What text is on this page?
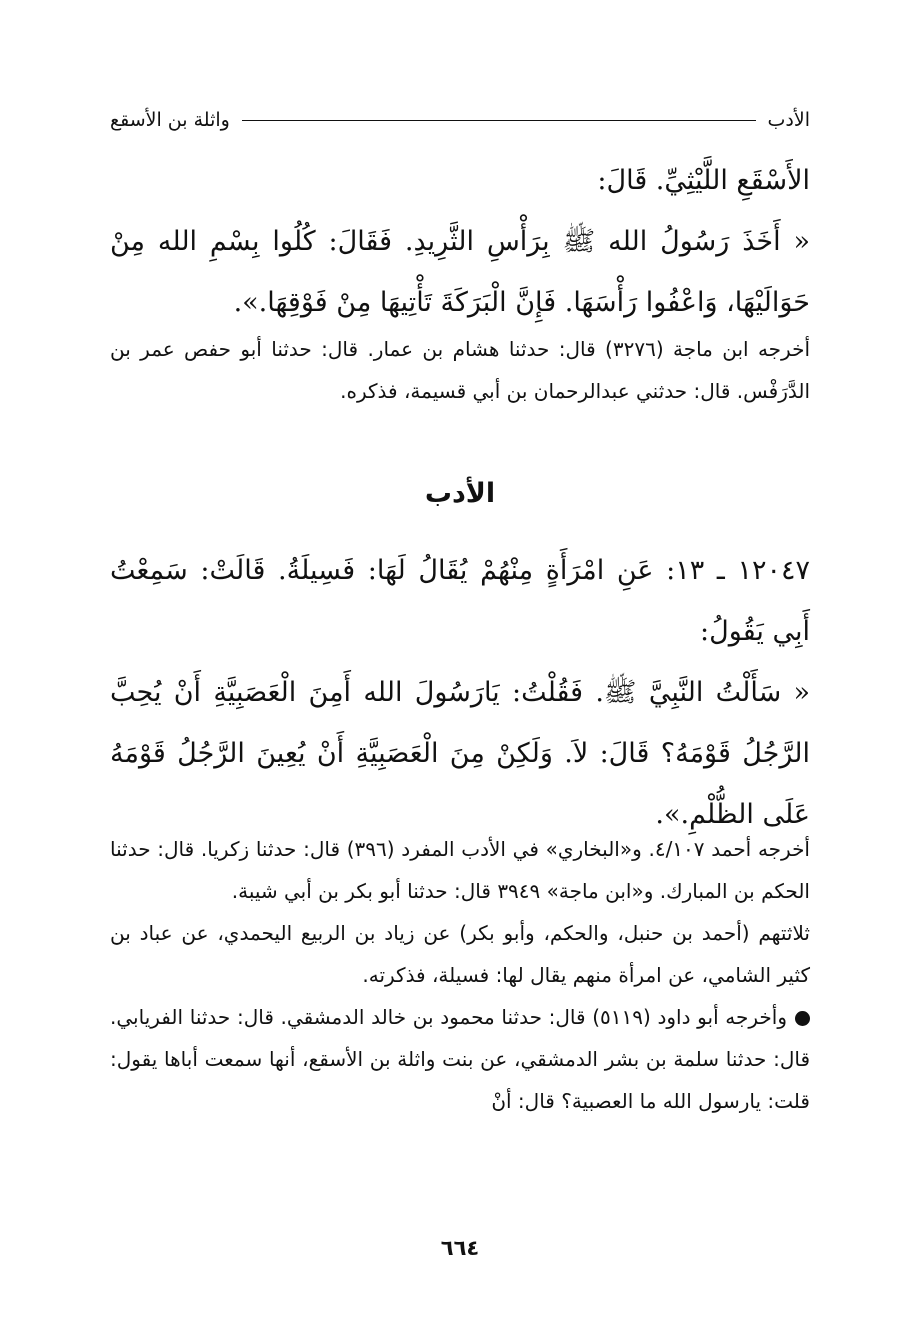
الأدب
واثلة بن الأسقع

الأَسْقَعِ اللَّيْثِيِّ. قَالَ:

« أَخَذَ رَسُولُ الله ﷺ بِرَأْسِ الثَّرِيدِ. فَقَالَ: كُلُوا بِسْمِ الله مِنْ حَوَالَيْهَا، وَاعْفُوا رَأْسَهَا. فَإِنَّ الْبَرَكَةَ تَأْتِيهَا مِنْ فَوْقِهَا.».

أخرجه ابن ماجة (٣٢٧٦) قال: حدثنا هشام بن عمار. قال: حدثنا أبو حفص عمر بن الدَّرَفْس. قال: حدثني عبدالرحمان بن أبي قسيمة، فذكره.

الأدب

١٢٠٤٧ ـ ١٣: عَنِ امْرَأَةٍ مِنْهُمْ يُقَالُ لَهَا: فَسِيلَةُ. قَالَتْ: سَمِعْتُ أَبِي يَقُولُ:

« سَأَلْتُ النَّبِيَّ ﷺ. فَقُلْتُ: يَارَسُولَ الله أَمِنَ الْعَصَبِيَّةِ أَنْ يُحِبَّ الرَّجُلُ قَوْمَهُ؟ قَالَ: لاَ. وَلَكِنْ مِنَ الْعَصَبِيَّةِ أَنْ يُعِينَ الرَّجُلُ قَوْمَهُ عَلَى الظُّلْمِ.».

أخرجه أحمد ٤/١٠٧. و«البخاري» في الأدب المفرد (٣٩٦) قال: حدثنا زكريا. قال: حدثنا الحكم بن المبارك. و«ابن ماجة» ٣٩٤٩ قال: حدثنا أبو بكر بن أبي شيبة.

ثلاثتهم (أحمد بن حنبل، والحكم، وأبو بكر) عن زياد بن الربيع اليحمدي، عن عباد بن كثير الشامي، عن امرأة منهم يقال لها: فسيلة، فذكرته.

وأخرجه أبو داود (٥١١٩) قال: حدثنا محمود بن خالد الدمشقي. قال: حدثنا الفريابي. قال: حدثنا سلمة بن بشر الدمشقي، عن بنت واثلة بن الأسقع، أنها سمعت أباها يقول: قلت: يارسول الله ما العصبية؟ قال: أنْ

٦٦٤
